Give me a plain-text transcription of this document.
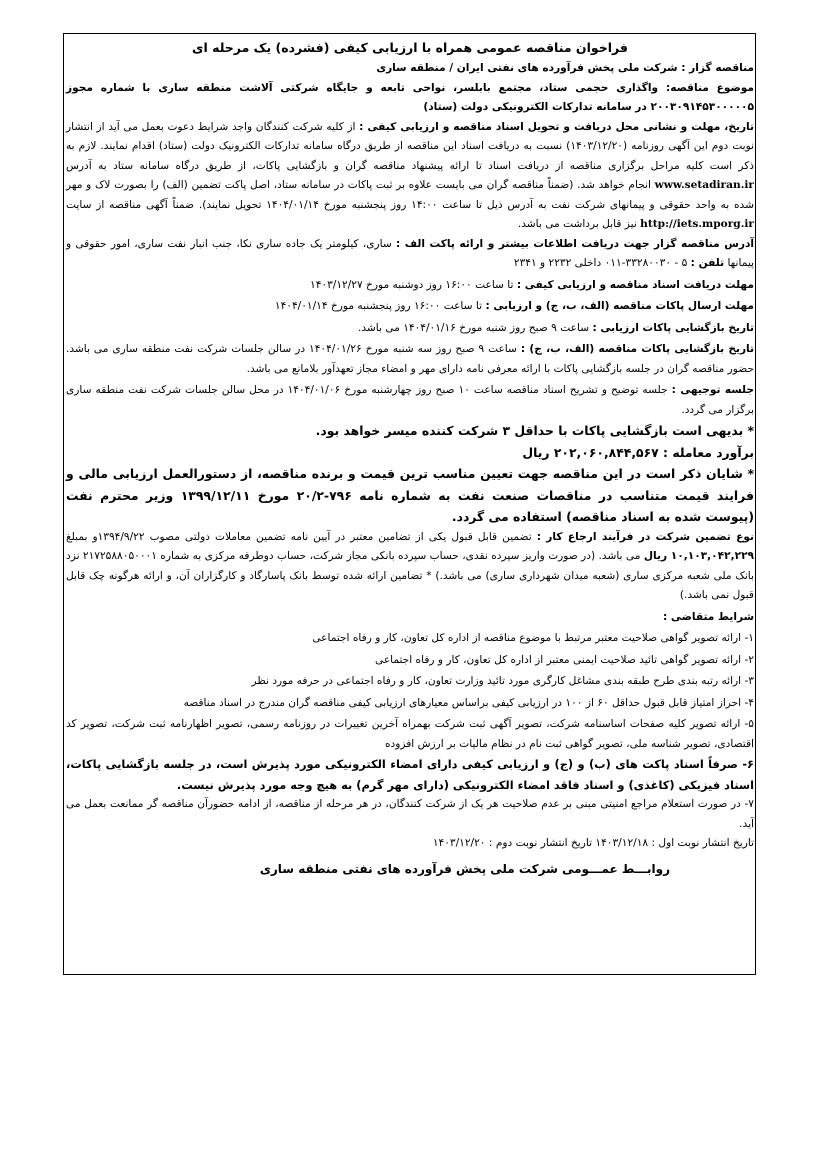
فراخوان مناقصه عمومی همراه با ارزیابی کیفی (فشرده) یک مرحله ای

مناقصه گزار : شرکت ملی پخش فرآورده های نفتی ایران / منطقه ساری

موضوع مناقصه: واگذاری حجمی ستاد، مجتمع بابلسر، نواحی تابعه و جایگاه شرکتی آلاشت منطقه ساری با شماره مجوز ۲۰۰۳۰۹۱۴۵۳۰۰۰۰۰۵ در سامانه تدارکات الکترونیکی دولت (ستاد)

تاریخ، مهلت و نشانی محل دریافت و تحویل اسناد مناقصه و ارزیابی کیفی : از کلیه شرکت کنندگان واجد شرایط دعوت بعمل می آید از انتشار نوبت دوم این آگهی روزنامه (۱۴۰۳/۱۲/۲۰) نسبت به دریافت اسناد این مناقصه از طریق درگاه سامانه تدارکات الکترونیک دولت (ستاد) اقدام نمایند. لازم به ذکر است کلیه مراحل برگزاری مناقصه از دریافت اسناد تا ارائه پیشنهاد مناقصه گران و بازگشایی پاکات، از طریق درگاه سامانه ستاد به آدرس www.setadiran.ir انجام خواهد شد. (ضمناً مناقصه گران می بایست علاوه بر ثبت پاکات در سامانه ستاد، اصل پاکت تضمین (الف) را بصورت لاک و مهر شده به واحد حقوقی و پیمانهای شرکت نفت به آدرس ذیل تا ساعت ۱۴:۰۰ روز پنجشنبه مورخ ۱۴۰۴/۰۱/۱۴ تحویل نمایند). ضمناً آگهی مناقصه از سایت http://iets.mporg.ir نیز قابل برداشت می باشد.

آدرس مناقصه گزار جهت دریافت اطلاعات بیشتر و ارائه پاکت الف : ساری، کیلومتر یک جاده ساری نکا، جنب انبار نفت ساری، امور حقوقی و پیمانها تلفن : ۵ - ۳۳۲۸۰۰۳۰-۰۱۱ داخلی ۲۲۳۲ و ۲۳۴۱

مهلت دریافت اسناد مناقصه و ارزیابی کیفی : تا ساعت ۱۶:۰۰ روز دوشنبه مورخ ۱۴۰۳/۱۲/۲۷

مهلت ارسال پاکات مناقصه (الف، ب، ج) و ارزیابی : تا ساعت ۱۶:۰۰ روز پنجشنبه مورخ ۱۴۰۴/۰۱/۱۴

تاریخ بازگشایی پاکات ارزیابی : ساعت ۹ صبح روز شنبه مورخ ۱۴۰۴/۰۱/۱۶ می باشد.

تاریخ بازگشایی پاکات مناقصه (الف، ب، ج) : ساعت ۹ صبح روز سه شنبه مورخ ۱۴۰۴/۰۱/۲۶ در سالن جلسات شرکت نفت منطقه ساری می باشد. حضور مناقصه گران در جلسه بازگشایی پاکات با ارائه معرفی نامه دارای مهر و امضاء مجاز تعهدآور بلامانع می باشد.

جلسه توجیهی : جلسه توضیح و تشریح اسناد مناقصه ساعت ۱۰ صبح روز چهارشنبه مورخ ۱۴۰۴/۰۱/۰۶ در محل سالن جلسات شرکت نفت منطقه ساری برگزار می گردد.

* بدیهی است بازگشایی پاکات با حداقل ۳ شرکت کننده میسر خواهد بود.

برآورد معامله : ۲۰۲,۰۶۰,۸۴۴,۵۶۷ ریال

* شایان ذکر است در این مناقصه جهت تعیین مناسب ترین قیمت و برنده مناقصه، از دستورالعمل ارزیابی مالی و فرایند قیمت متناسب در مناقصات صنعت نفت به شماره نامه ۷۹۶-۲۰/۲ مورخ ۱۳۹۹/۱۲/۱۱ وزیر محترم نفت (پیوست شده به اسناد مناقصه) استفاده می گردد.

نوع تضمین شرکت در فرآیند ارجاع کار : تضمین قابل قبول یکی از تضامین معتبر در آیین نامه تضمین معاملات دولتی مصوب ۱۳۹۴/۹/۲۲و بمبلغ ۱۰,۱۰۳,۰۴۲,۲۲۹ ریال می باشد. (در صورت واریز سپرده نقدی، حساب سپرده بانکی مجاز شرکت، حساب دوطرفه مرکزی به شماره ۲۱۷۲۵۸۸۰۵۰۰۰۱ نزد بانک ملی شعبه مرکزی ساری (شعبه میدان شهرداری ساری) می باشد.) * تضامین ارائه شده توسط بانک پاسارگاد و کارگزاران آن، و ارائه هرگونه چک قابل قبول نمی باشد.)

شرایط متقاضی :

۱- ارائه تصویر گواهی صلاحیت معتبر مرتبط با موضوع مناقصه از اداره کل تعاون، کار و رفاه اجتماعی

۲- ارائه تصویر گواهی تائید صلاحیت ایمنی معتبر از اداره کل تعاون، کار و رفاه اجتماعی

۳- ارائه رتبه بندی طرح طبقه بندی مشاغل کارگری مورد تائید وزارت تعاون، کار و رفاه اجتماعی در حرفه مورد نظر

۴- احراز امتیاز قابل قبول حداقل ۶۰ از ۱۰۰ در ارزیابی کیفی براساس معیارهای ارزیابی کیفی مناقصه گران مندرج در اسناد مناقصه

۵- ارائه تصویر کلیه صفحات اساسنامه شرکت، تصویر آگهی ثبت شرکت بهمراه آخرین تغییرات در روزنامه رسمی، تصویر اظهارنامه ثبت شرکت، تصویر کد اقتصادی، تصویر شناسه ملی، تصویر گواهی ثبت نام در نظام مالیات بر ارزش افزوده

۶- صرفاً اسناد پاکت های (ب) و (ج) و ارزیابی کیفی دارای امضاء الکترونیکی مورد پذیرش است، در جلسه بازگشایی پاکات، اسناد فیزیکی (کاغذی) و اسناد فاقد امضاء الکترونیکی (دارای مهر گرم) به هیچ وجه مورد پذیرش نیست.

۷- در صورت استعلام مراجع امنیتی مبنی بر عدم صلاحیت هر یک از شرکت کنندگان، در هر مرحله از مناقصه، از ادامه حضورآن مناقصه گر ممانعت بعمل می آید.

تاریخ انتشار نوبت اول : ۱۴۰۳/۱۲/۱۸ تاریخ انتشار نوبت دوم : ۱۴۰۳/۱۲/۲۰

روابـــط عمـــومی شرکت ملی پخش فرآورده های نفتی منطقه ساری
